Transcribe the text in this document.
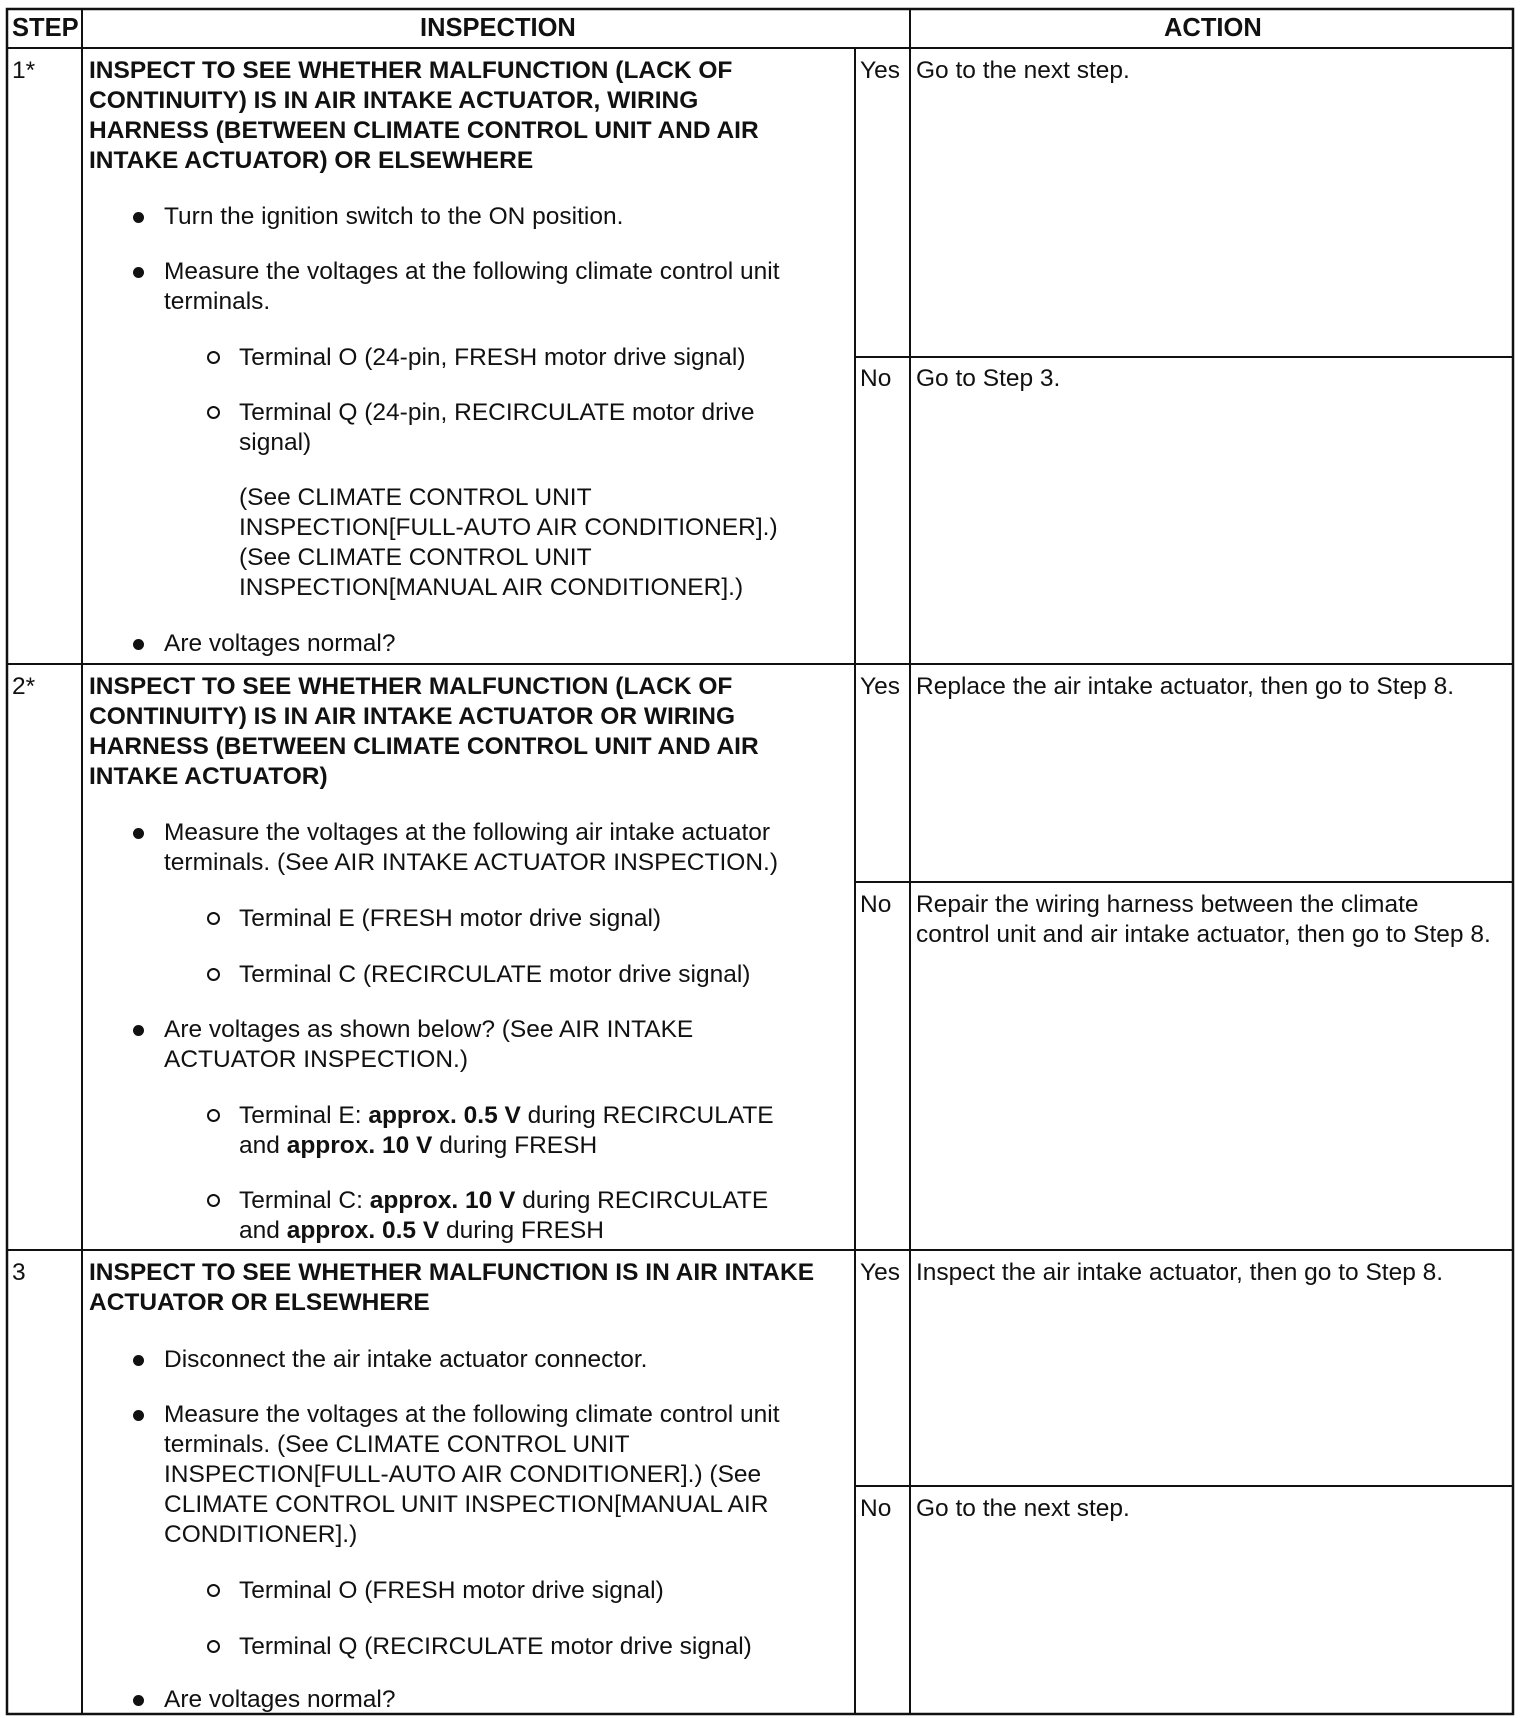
STEP	INSPECTION	ACTION
1* INSPECT TO SEE WHETHER MALFUNCTION (LACK OF
CONTINUITY) IS IN AIR INTAKE ACTUATOR, WIRING
HARNESS (BETWEEN CLIMATE CONTROL UNIT AND AIR
INTAKE ACTUATOR) OR ELSEWHERE
Turn the ignition switch to the ON position.
Measure the voltages at the following climate control unit
terminals.
Terminal O (24-pin, FRESH motor drive signal)
Terminal Q (24-pin, RECIRCULATE motor drive
signal)
(See CLIMATE CONTROL UNIT
INSPECTION[FULL-AUTO AIR CONDITIONER].)
(See CLIMATE CONTROL UNIT
INSPECTION[MANUAL AIR CONDITIONER].)
Are voltages normal?
Yes Go to the next step.
No Go to Step 3.
2* INSPECT TO SEE WHETHER MALFUNCTION (LACK OF
CONTINUITY) IS IN AIR INTAKE ACTUATOR OR WIRING
HARNESS (BETWEEN CLIMATE CONTROL UNIT AND AIR
INTAKE ACTUATOR)
Measure the voltages at the following air intake actuator
terminals. (See AIR INTAKE ACTUATOR INSPECTION.)
Terminal E (FRESH motor drive signal)
Terminal C (RECIRCULATE motor drive signal)
Are voltages as shown below? (See AIR INTAKE
ACTUATOR INSPECTION.)
Terminal E: approx. 0.5 V during RECIRCULATE
and approx. 10 V during FRESH
Terminal C: approx. 10 V during RECIRCULATE
and approx. 0.5 V during FRESH
Yes Replace the air intake actuator, then go to Step 8.
No Repair the wiring harness between the climate
control unit and air intake actuator, then go to Step 8.
3	INSPECT TO SEE WHETHER MALFUNCTION IS IN AIR INTAKE
ACTUATOR OR ELSEWHERE
Disconnect the air intake actuator connector.
Measure the voltages at the following climate control unit
terminals. (See CLIMATE CONTROL UNIT
INSPECTION[FULL-AUTO AIR CONDITIONER].) (See
CLIMATE CONTROL UNIT INSPECTION[MANUAL AIR
CONDITIONER].)
Terminal O (FRESH motor drive signal)
Terminal Q (RECIRCULATE motor drive signal)
Are voltages normal?
Yes Inspect the air intake actuator, then go to Step 8.
No Go to the next step.
